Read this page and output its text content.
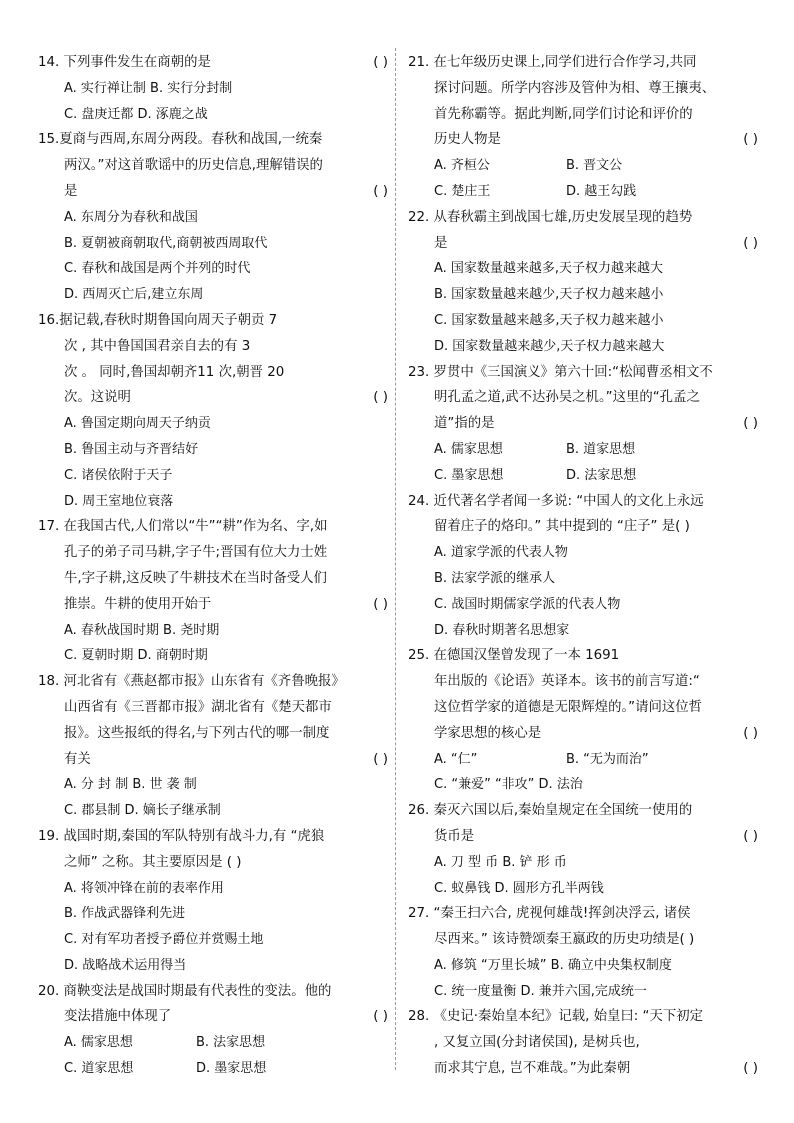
14. 下列事件发生在商朝的是	( )
A. 实行禅让制 B. 实行分封制
C. 盘庚迁都 D. 涿鹿之战
15.夏商与西周,东周分两段。春秋和战国,一统秦
两汉。”对这首歌谣中的历史信息,理解错误的
是	( )
A. 东周分为春秋和战国
B. 夏朝被商朝取代,商朝被西周取代
C. 春秋和战国是两个并列的时代
D. 西周灭亡后,建立东周
16.据记载,春秋时期鲁国向周天子朝贡 7
次 , 其中鲁国国君亲自去的有 3
次 。 同时,鲁国却朝齐11 次,朝晋 20
次。这说明	( )
A. 鲁国定期向周天子纳贡
B. 鲁国主动与齐晋结好
C. 诸侯依附于天子
D. 周王室地位衰落
17. 在我国古代,人们常以“牛”“耕”作为名、字,如
孔子的弟子司马耕,字子牛;晋国有位大力士姓
牛,字子耕,这反映了牛耕技术在当时备受人们
推崇。牛耕的使用开始于	( )
A. 春秋战国时期 B. 尧时期
C. 夏朝时期 D. 商朝时期
18. 河北省有《燕赵都市报》山东省有《齐鲁晚报》
山西省有《三晋都市报》湖北省有《楚天都市
报》。这些报纸的得名,与下列古代的哪一制度
有关	( )
A. 分 封 制 B. 世 袭 制
C. 郡县制 D. 嫡长子继承制
19. 战国时期,秦国的军队特别有战斗力,有 “虎狼
之师” 之称。其主要原因是 ( )
A. 将领冲锋在前的表率作用
B. 作战武器锋利先进
C. 对有军功者授予爵位并赏赐土地
D. 战略战术运用得当
20. 商鞅变法是战国时期最有代表性的变法。他的
变法措施中体现了	( )
A. 儒家思想	B. 法家思想
C. 道家思想	D. 墨家思想
21. 在七年级历史课上,同学们进行合作学习,共同
探讨问题。所学内容涉及管仲为相、尊王攘夷、
首先称霸等。据此判断,同学们讨论和评价的
历史人物是	( )
A. 齐桓公	B. 晋文公
C. 楚庄王	D. 越王勾践
22. 从春秋霸主到战国七雄,历史发展呈现的趋势
是	( )
A. 国家数量越来越多,天子权力越来越大
B. 国家数量越来越少,天子权力越来越小
C. 国家数量越来越多,天子权力越来越小
D. 国家数量越来越少,天子权力越来越大
23. 罗贯中《三国演义》第六十回:“松闻曹丞相文不
明孔孟之道,武不达孙吴之机。”这里的“孔孟之
道”指的是	( )
A. 儒家思想	B. 道家思想
C. 墨家思想	D. 法家思想
24. 近代著名学者闻一多说: “中国人的文化上永远
留着庄子的烙印。” 其中提到的 “庄子” 是( )
A. 道家学派的代表人物
B. 法家学派的继承人
C. 战国时期儒家学派的代表人物
D. 春秋时期著名思想家
25. 在德国汉堡曾发现了一本 1691
年出版的《论语》英译本。该书的前言写道:“
这位哲学家的道德是无限辉煌的。”请问这位哲
学家思想的核心是	( )
A. “仁”	B. “无为而治”
C. “兼爱” “非攻” D. 法治
26. 秦灭六国以后,秦始皇规定在全国统一使用的
货币是	( )
A. 刀 型 币 B. 铲 形 币
C. 蚁鼻钱 D. 圆形方孔半两钱
27. “秦王扫六合, 虎视何雄哉!挥剑决浮云, 诸侯
尽西来。” 该诗赞颂秦王嬴政的历史功绩是( )
A. 修筑 “万里长城” B. 确立中央集权制度
C. 统一度量衡 D. 兼并六国,完成统一
28. 《史记·秦始皇本纪》记载, 始皇曰: “天下初定
, 又复立国(分封诸侯国), 是树兵也,
而求其宁息, 岂不难哉。”为此秦朝	( )
